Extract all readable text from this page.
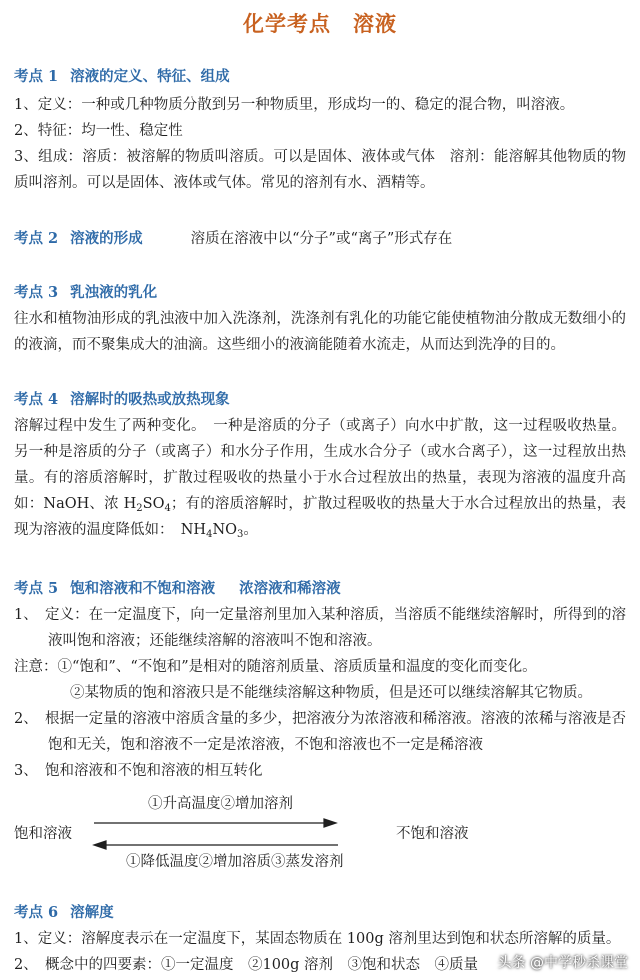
化学考点　溶液
考点 1 溶液的定义、特征、组成
1、定义：一种或几种物质分散到另一种物质里，形成均一的、稳定的混合物，叫溶液。
2、特征：均一性、稳定性
3、组成：溶质：被溶解的物质叫溶质。可以是固体、液体或气体　溶剂：能溶解其他物质的物质叫溶剂。可以是固体、液体或气体。常见的溶剂有水、酒精等。
考点 2 溶液的形成	溶质在溶液中以“分子”或“离子”形式存在
考点 3 乳浊液的乳化
往水和植物油形成的乳浊液中加入洗涤剂，洗涤剂有乳化的功能它能使植物油分散成无数细小的的液滴，而不聚集成大的油滴。这些细小的液滴能随着水流走，从而达到洗净的目的。
考点 4 溶解时的吸热或放热现象
溶解过程中发生了两种变化。　一种是溶质的分子（或离子）向水中扩散，这一过程吸收热量。另一种是溶质的分子（或离子）和水分子作用，生成水合分子（或水合离子），这一过程放出热量。有的溶质溶解时，扩散过程吸收的热量小于水合过程放出的热量，表现为溶液的温度升高如：NaOH、浓 $H_2SO_4$；有的溶质溶解时，扩散过程吸收的热量大于水合过程放出的热量，表现为溶液的温度降低如：　$NH_4NO_3$。
考点 5 饱和溶液和不饱和溶液 浓溶液和稀溶液
1、　定义：在一定温度下，向一定量溶剂里加入某种溶质，当溶质不能继续溶解时，所得到的溶液叫饱和溶液；还能继续溶解的溶液叫不饱和溶液。
注意：①“饱和”、“不饱和”是相对的随溶剂质量、溶质质量和温度的变化而变化。
②某物质的饱和溶液只是不能继续溶解这种物质，但是还可以继续溶解其它物质。
2、　根据一定量的溶液中溶质含量的多少，把溶液分为浓溶液和稀溶液。溶液的浓稀与溶液是否饱和无关，饱和溶液不一定是浓溶液，不饱和溶液也不一定是稀溶液
3、　饱和溶液和不饱和溶液的相互转化
饱和溶液	不饱和溶液
①升高温度②增加溶剂
①降低温度②增加溶质③蒸发溶剂
考点 6 溶解度
1、定义：溶解度表示在一定温度下，某固态物质在 100g 溶剂里达到饱和状态所溶解的质量。
2、　概念中的四要素：①一定温度　②100g 溶剂　③饱和状态　④质量	头条 @中学秒杀课堂
